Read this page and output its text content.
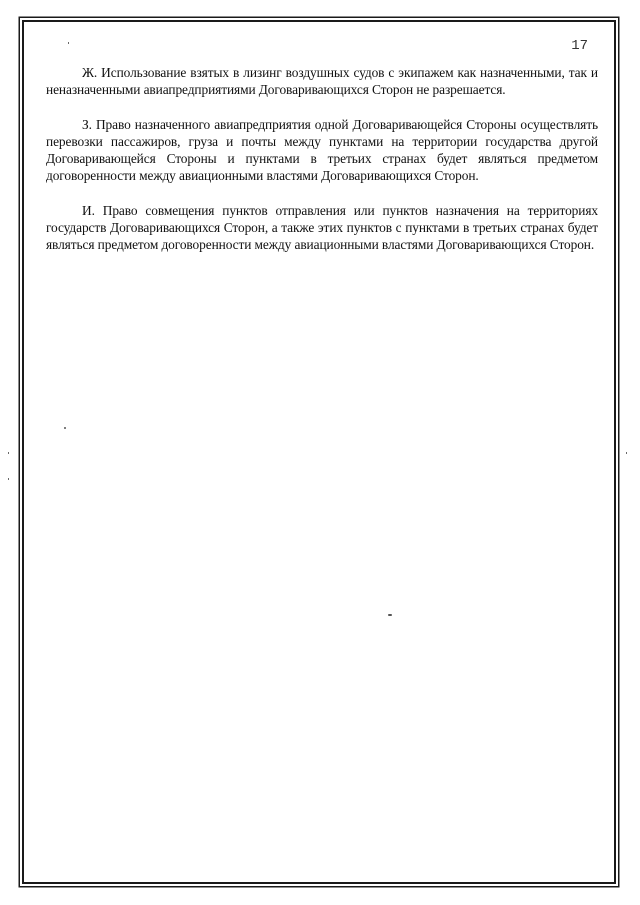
17

Ж. Использование взятых в лизинг воздушных судов с экипажем как назначенными, так и неназначенными авиапредприятиями Договаривающихся Сторон не разрешается.

З. Право назначенного авиапредприятия одной Договаривающейся Стороны осуществлять перевозки пассажиров, груза и почты между пунктами на территории государства другой Договаривающейся Стороны и пунктами в третьих странах будет являться предметом договоренности между авиационными властями Договаривающихся Сторон.

И. Право совмещения пунктов отправления или пунктов назначения на территориях государств Договаривающихся Сторон, а также этих пунктов с пунктами в третьих странах будет являться предметом договоренности между авиационными властями Договаривающихся Сторон.
